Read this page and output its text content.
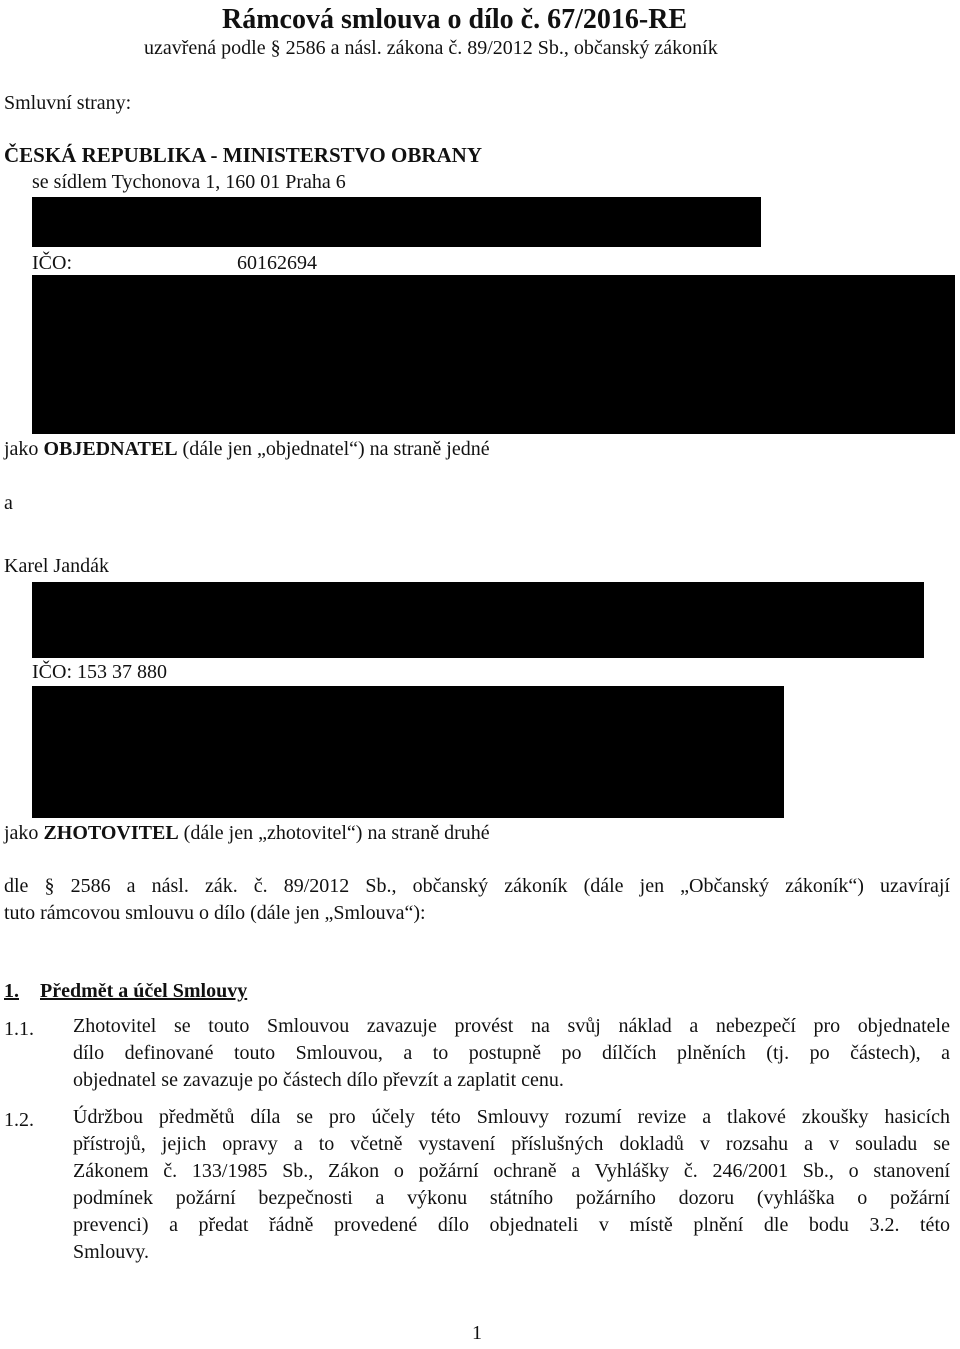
Rámcová smlouva o dílo č. 67/2016-RE
uzavřená podle § 2586 a násl. zákona č. 89/2012 Sb., občanský zákoník
Smluvní strany:
ČESKÁ REPUBLIKA - MINISTERSTVO OBRANY
se sídlem Tychonova 1, 160 01 Praha 6
IČO:	60162694
jako OBJEDNATEL (dále jen „objednatel“) na straně jedné
a
Karel Jandák
IČO: 153 37 880
jako ZHOTOVITEL (dále jen „zhotovitel“) na straně druhé
dle § 2586 a násl. zák. č. 89/2012 Sb., občanský zákoník (dále jen „Občanský zákoník“) uzavírají
tuto rámcovou smlouvu o dílo (dále jen „Smlouva“):
1. Předmět a účel Smlouvy
1.1. Zhotovitel se touto Smlouvou zavazuje provést na svůj náklad a nebezpečí pro objednatele
dílo definované touto Smlouvou, a to postupně po dílčích plněních (tj. po částech), a
objednatel se zavazuje po částech dílo převzít a zaplatit cenu.
1.2. Údržbou předmětů díla se pro účely této Smlouvy rozumí revize a tlakové zkoušky hasicích
přístrojů, jejich opravy a to včetně vystavení příslušných dokladů v rozsahu a v souladu se
Zákonem č. 133/1985 Sb., Zákon o požární ochraně a Vyhlášky č. 246/2001 Sb., o stanovení
podmínek požární bezpečnosti a výkonu státního požárního dozoru (vyhláška o požární
prevenci) a předat řádně provedené dílo objednateli v místě plnění dle bodu 3.2. této
Smlouvy.
1
